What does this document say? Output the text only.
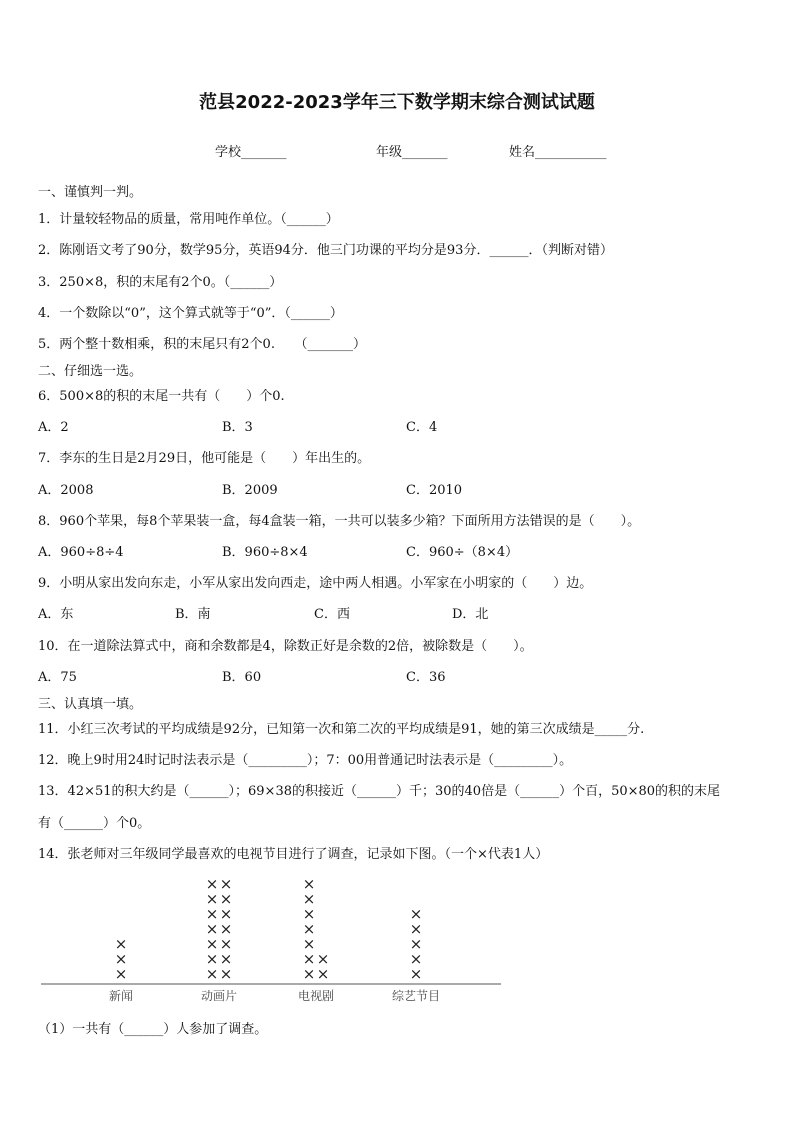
范县2022-2023学年三下数学期末综合测试试题
学校_______	年级_______	姓名___________
一、谨慎判一判。
1．计量较轻物品的质量，常用吨作单位。（______）
2．陈刚语文考了90分，数学95分，英语94分．他三门功课的平均分是93分．______．（判断对错）
3．250×8，积的末尾有2个0。（______）
4．一个数除以“0”，这个算式就等于“0”．（______）
5．两个整十数相乘，积的末尾只有2个0.　　（_______）
二、仔细选一选。
6．500×8的积的末尾一共有（　　）个0.
A．2	B．3	C．4
7．李东的生日是2月29日，他可能是（　　）年出生的。
A．2008	B．2009	C．2010
8．960个苹果，每8个苹果装一盒，每4盒装一箱，一共可以装多少箱？下面所用方法错误的是（　　）。
A．960÷8÷4	B．960÷8×4	C．960÷（8×4）
9．小明从家出发向东走，小军从家出发向西走，途中两人相遇。小军家在小明家的（　　）边。
A．东	B．南	C．西	D．北
10．在一道除法算式中，商和余数都是4，除数正好是余数的2倍，被除数是（　　）。
A．75	B．60	C．36
三、认真填一填。
11．小红三次考试的平均成绩是92分，已知第一次和第二次的平均成绩是91，她的第三次成绩是_____分.
12．晚上9时用24时记时法表示是（_________）；7：00用普通记时法表示是（_________）。
13．42×51的积大约是（______）；69×38的积接近（______）千；30的40倍是（______）个百，50×80的积的末尾
有（______）个0。
14．张老师对三年级同学最喜欢的电视节目进行了调查，记录如下图。（一个×代表1人）
×
×
×
新闻
×
×
×
×
×
×
×
×
×
×
×
×
×
×
动画片
×
×
×
×
×
×
×
×
×
电视剧
×
×
×
×
×
综艺节目
（1）一共有（______）人参加了调查。
